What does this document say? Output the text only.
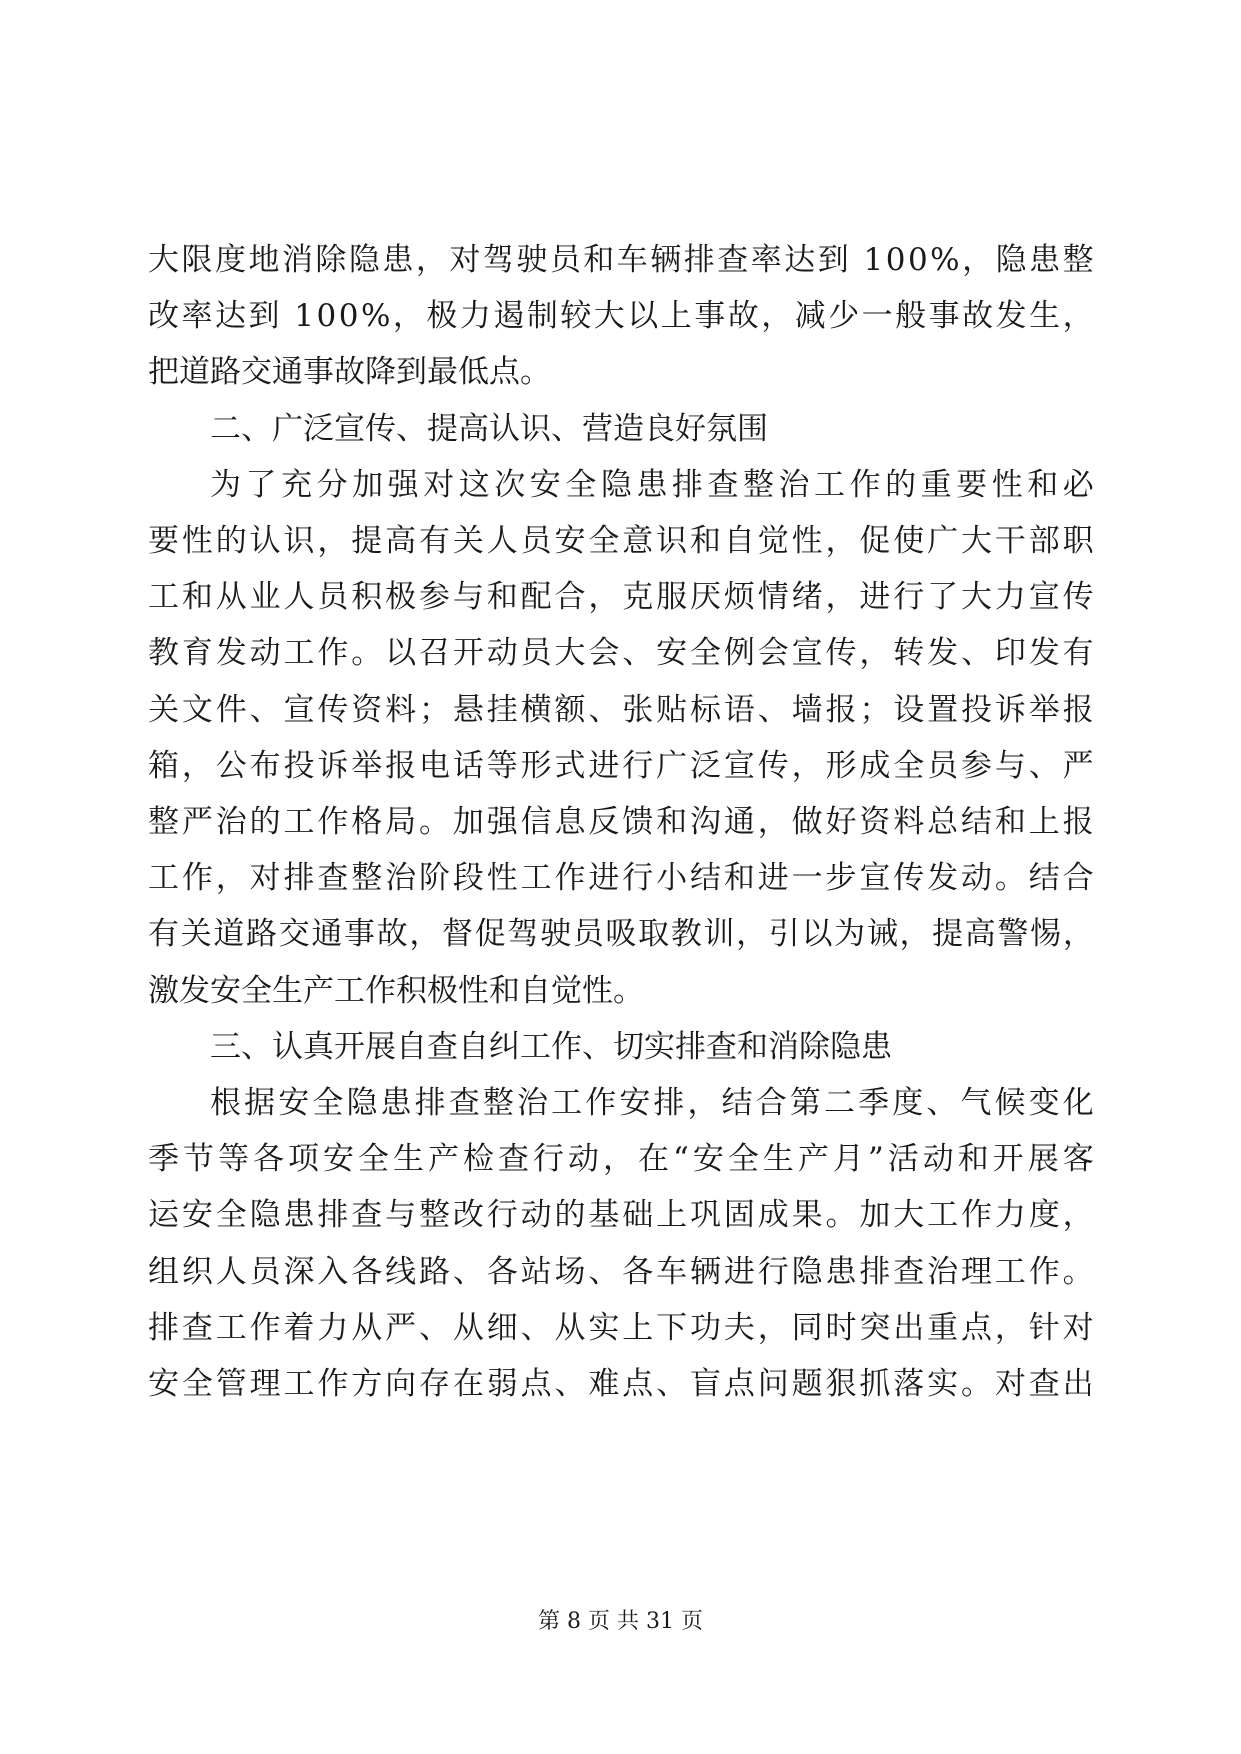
大 限 度 地 消 除 隐 患 ， 对 驾 驶 员 和 车 辆 排 查 率 达 到
1 0 0 % ， 隐 患 整
改 率 达 到
1 0 0 % ， 极 力 遏 制 较 大 以 上 事 故 ， 减 少 一 般 事 故 发 生 ，
把道路交通事故降到最低点。
二、广泛宣传、提高认识、营造良好氛围
为 了 充 分 加 强 对 这 次 安 全 隐 患 排 查 整 治 工 作 的 重 要 性 和 必
要 性 的 认 识 ， 提 高 有 关 人 员 安 全 意 识 和 自 觉 性 ， 促 使 广 大 干 部 职
工 和 从 业 人 员 积 极 参 与 和 配 合 ， 克 服 厌 烦 情 绪 ， 进 行 了 大 力 宣 传
教 育 发 动 工 作 。 以 召 开 动 员 大 会 、 安 全 例 会 宣 传 ， 转 发 、 印 发 有
关 文 件 、 宣 传 资 料 ； 悬 挂 横 额 、 张 贴 标 语 、 墙 报 ； 设 置 投 诉 举 报
箱 ， 公 布 投 诉 举 报 电 话 等 形 式 进 行 广 泛 宣 传 ， 形 成 全 员 参 与 、 严
整 严 治 的 工 作 格 局 。 加 强 信 息 反 馈 和 沟 通 ， 做 好 资 料 总 结 和 上 报
工 作 ， 对 排 查 整 治 阶 段 性 工 作 进 行 小 结 和 进 一 步 宣 传 发 动 。 结 合
有 关 道 路 交 通 事 故 ， 督 促 驾 驶 员 吸 取 教 训 ， 引 以 为 诫 ， 提 高 警 惕 ，
激发安全生产工作积极性和自觉性。
三、认真开展自查自纠工作、切实排查和消除隐患
根 据 安 全 隐 患 排 查 整 治 工 作 安 排 ， 结 合 第 二 季 度 、 气 候 变 化
季 节 等 各 项 安 全 生 产 检 查 行 动 ， 在 “ 安 全 生 产 月 ” 活 动 和 开 展 客
运 安 全 隐 患 排 查 与 整 改 行 动 的 基 础 上 巩 固 成 果 。 加 大 工 作 力 度 ，
组 织 人 员 深 入 各 线 路 、 各 站 场 、 各 车 辆 进 行 隐 患 排 查 治 理 工 作 。
排 查 工 作 着 力 从 严 、 从 细 、 从 实 上 下 功 夫 ， 同 时 突 出 重 点 ， 针 对
安 全 管 理 工 作 方 向 存 在 弱 点 、 难 点 、 盲 点 问 题 狠 抓 落 实 。 对 查 出
第 8 页 共 31 页
